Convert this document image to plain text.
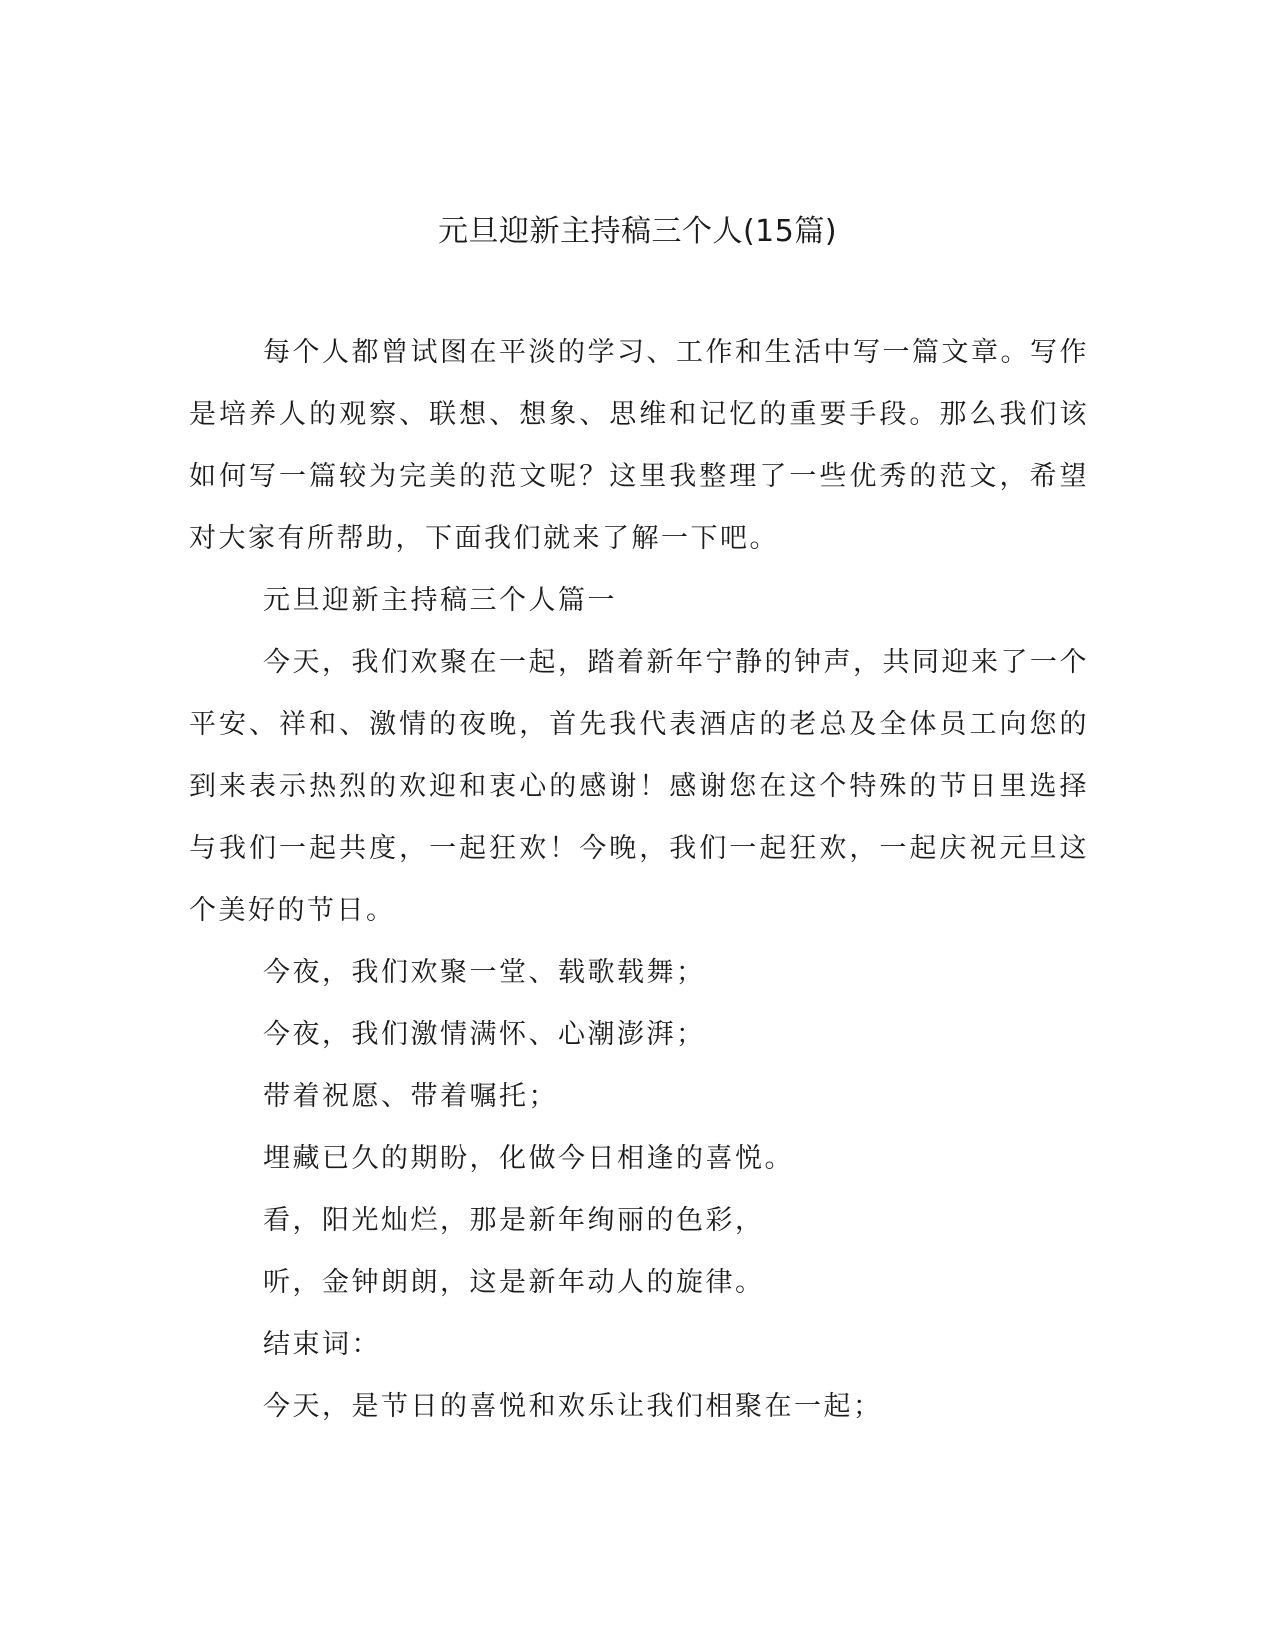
元旦迎新主持稿三个人(15篇)

每个人都曾试图在平淡的学习、工作和生活中写一篇文章。写作是培养人的观察、联想、想象、思维和记忆的重要手段。那么我们该如何写一篇较为完美的范文呢？这里我整理了一些优秀的范文，希望对大家有所帮助，下面我们就来了解一下吧。

元旦迎新主持稿三个人篇一

今天，我们欢聚在一起，踏着新年宁静的钟声，共同迎来了一个平安、祥和、激情的夜晚，首先我代表酒店的老总及全体员工向您的到来表示热烈的欢迎和衷心的感谢！感谢您在这个特殊的节日里选择与我们一起共度，一起狂欢！今晚，我们一起狂欢，一起庆祝元旦这个美好的节日。

今夜，我们欢聚一堂、载歌载舞；

今夜，我们激情满怀、心潮澎湃；

带着祝愿、带着嘱托；

埋藏已久的期盼，化做今日相逢的喜悦。

看，阳光灿烂，那是新年绚丽的色彩，

听，金钟朗朗，这是新年动人的旋律。

结束词：

今天，是节日的喜悦和欢乐让我们相聚在一起；
